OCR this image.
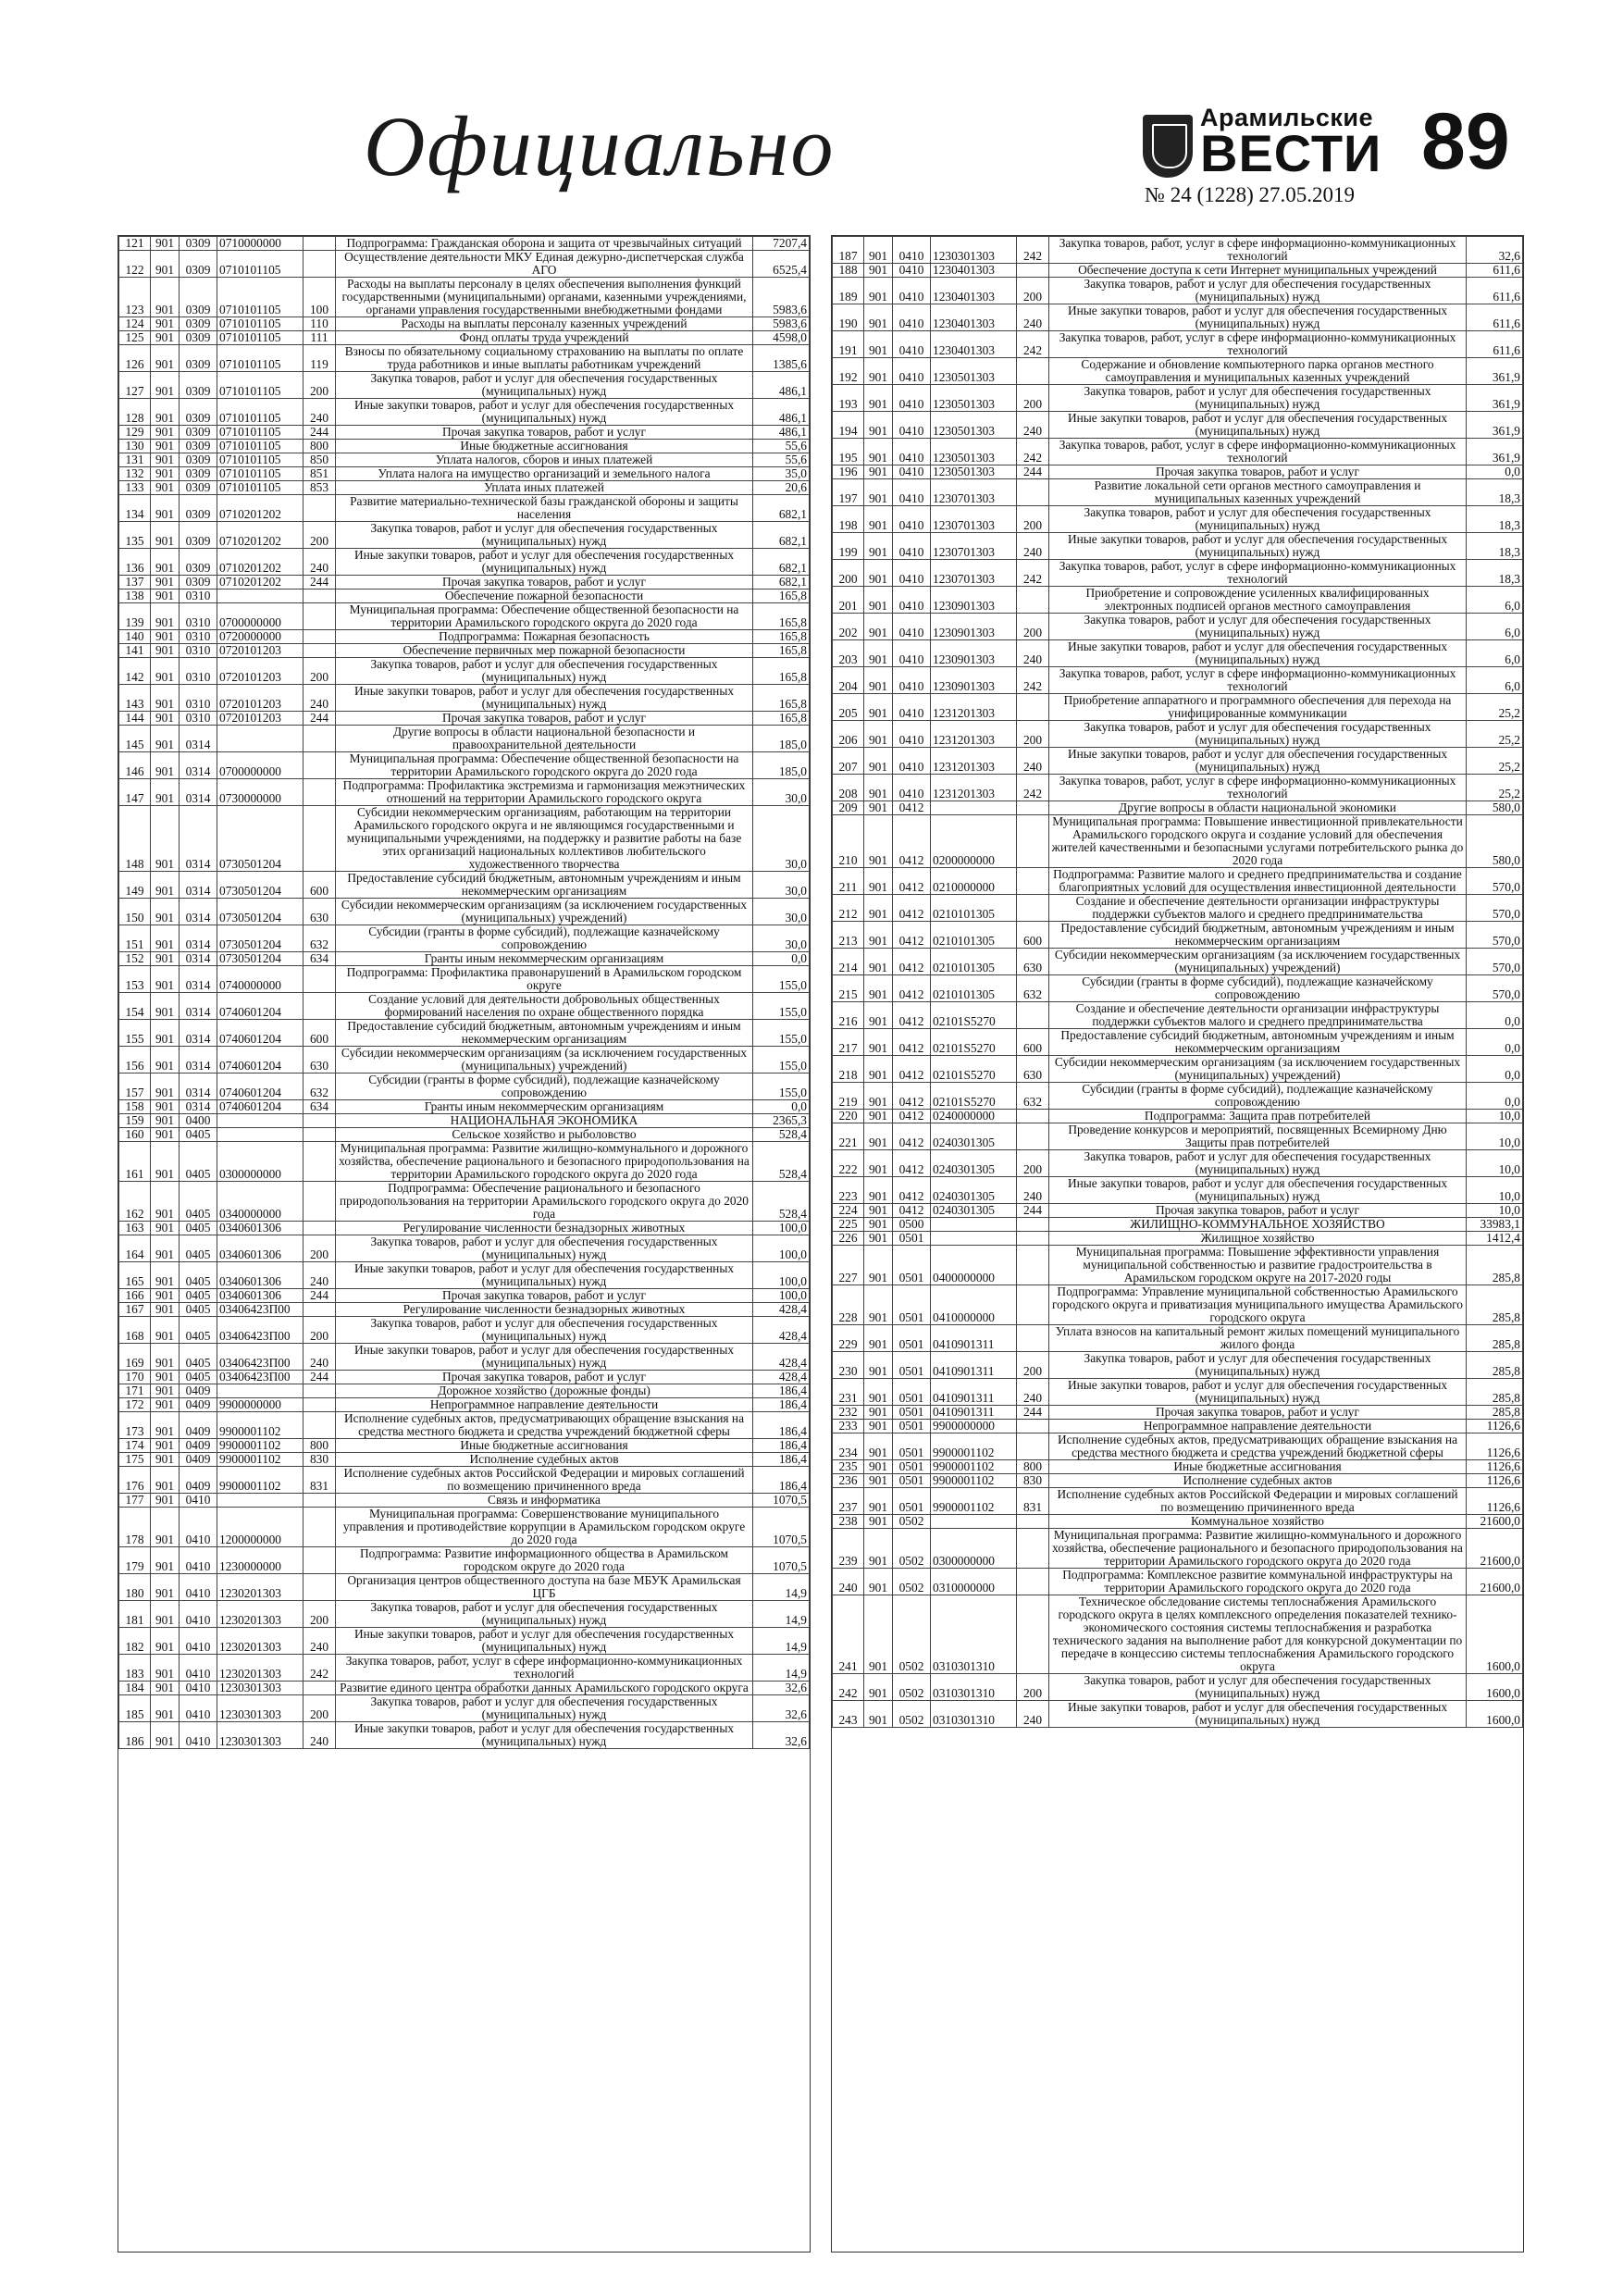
Официально	Арамильские
ВЕСТИ 89
№ 24 (1228) 27.05.2019
121	901	0309	0710000000		Подпрограмма: Гражданская оборона и защита от чрезвычайных ситуаций	7207,4
122	901	0309	0710101105		Осуществление деятельности МКУ Единая дежурно-диспетчерская служба АГО	6525,4
123	901	0309	0710101105	100	Расходы на выплаты персоналу в целях обеспечения выполнения функций государственными (муниципальными) органами, казенными учреждениями, органами управления государственными внебюджетными фондами	5983,6
124	901	0309	0710101105	110	Расходы на выплаты персоналу казенных учреждений	5983,6
125	901	0309	0710101105	111	Фонд оплаты труда учреждений	4598,0
126	901	0309	0710101105	119	Взносы по обязательному социальному страхованию на выплаты по оплате труда работников и иные выплаты работникам учреждений	1385,6
127	901	0309	0710101105	200	Закупка товаров, работ и услуг для обеспечения государственных (муниципальных) нужд	486,1
128	901	0309	0710101105	240	Иные закупки товаров, работ и услуг для обеспечения государственных (муниципальных) нужд	486,1
129	901	0309	0710101105	244	Прочая закупка товаров, работ и услуг	486,1
130	901	0309	0710101105	800	Иные бюджетные ассигнования	55,6
131	901	0309	0710101105	850	Уплата налогов, сборов и иных платежей	55,6
132	901	0309	0710101105	851	Уплата налога на имущество организаций и земельного налога	35,0
133	901	0309	0710101105	853	Уплата иных платежей	20,6
134	901	0309	0710201202		Развитие материально-технической базы гражданской обороны и защиты населения	682,1
135	901	0309	0710201202	200	Закупка товаров, работ и услуг для обеспечения государственных (муниципальных) нужд	682,1
136	901	0309	0710201202	240	Иные закупки товаров, работ и услуг для обеспечения государственных (муниципальных) нужд	682,1
137	901	0309	0710201202	244	Прочая закупка товаров, работ и услуг	682,1
138	901	0310			Обеспечение пожарной безопасности	165,8
139	901	0310	0700000000		Муниципальная программа: Обеспечение общественной безопасности на территории Арамильского городского округа до 2020 года	165,8
140	901	0310	0720000000		Подпрограмма: Пожарная безопасность	165,8
141	901	0310	0720101203		Обеспечение первичных мер пожарной безопасности	165,8
142	901	0310	0720101203	200	Закупка товаров, работ и услуг для обеспечения государственных (муниципальных) нужд	165,8
143	901	0310	0720101203	240	Иные закупки товаров, работ и услуг для обеспечения государственных (муниципальных) нужд	165,8
144	901	0310	0720101203	244	Прочая закупка товаров, работ и услуг	165,8
145	901	0314			Другие вопросы в области национальной безопасности и правоохранительной деятельности	185,0
146	901	0314	0700000000		Муниципальная программа: Обеспечение общественной безопасности на территории Арамильского городского округа до 2020 года	185,0
147	901	0314	0730000000		Подпрограмма: Профилактика экстремизма и гармонизация межэтнических отношений на территории Арамильского городского округа	30,0
148	901	0314	0730501204		Субсидии некоммерческим организациям, работающим на территории Арамильского городского округа и не являющимся государственными и муниципальными учреждениями, на поддержку и развитие работы на базе этих организаций национальных коллективов любительского художественного творчества	30,0
149	901	0314	0730501204	600	Предоставление субсидий бюджетным, автономным учреждениям и иным некоммерческим организациям	30,0
150	901	0314	0730501204	630	Субсидии некоммерческим организациям (за исключением государственных (муниципальных) учреждений)	30,0
151	901	0314	0730501204	632	Субсидии (гранты в форме субсидий), подлежащие казначейскому сопровождению	30,0
152	901	0314	0730501204	634	Гранты иным некоммерческим организациям	0,0
153	901	0314	0740000000		Подпрограмма: Профилактика правонарушений в Арамильском городском округе	155,0
154	901	0314	0740601204		Создание условий для деятельности добровольных общественных формирований населения по охране общественного порядка	155,0
155	901	0314	0740601204	600	Предоставление субсидий бюджетным, автономным учреждениям и иным некоммерческим организациям	155,0
156	901	0314	0740601204	630	Субсидии некоммерческим организациям (за исключением государственных (муниципальных) учреждений)	155,0
157	901	0314	0740601204	632	Субсидии (гранты в форме субсидий), подлежащие казначейскому сопровождению	155,0
158	901	0314	0740601204	634	Гранты иным некоммерческим организациям	0,0
159	901	0400			НАЦИОНАЛЬНАЯ ЭКОНОМИКА	2365,3
160	901	0405			Сельское хозяйство и рыболовство	528,4
161	901	0405	0300000000		Муниципальная программа: Развитие жилищно-коммунального и дорожного хозяйства, обеспечение рационального и безопасного природопользования на территории Арамильского городского округа до 2020 года	528,4
162	901	0405	0340000000		Подпрограмма: Обеспечение рационального и безопасного природопользования на территории Арамильского городского округа до 2020 года	528,4
163	901	0405	0340601306		Регулирование численности безнадзорных животных	100,0
164	901	0405	0340601306	200	Закупка товаров, работ и услуг для обеспечения государственных (муниципальных) нужд	100,0
165	901	0405	0340601306	240	Иные закупки товаров, работ и услуг для обеспечения государственных (муниципальных) нужд	100,0
166	901	0405	0340601306	244	Прочая закупка товаров, работ и услуг	100,0
167	901	0405	03406423П00		Регулирование численности безнадзорных животных	428,4
168	901	0405	03406423П00	200	Закупка товаров, работ и услуг для обеспечения государственных (муниципальных) нужд	428,4
169	901	0405	03406423П00	240	Иные закупки товаров, работ и услуг для обеспечения государственных (муниципальных) нужд	428,4
170	901	0405	03406423П00	244	Прочая закупка товаров, работ и услуг	428,4
171	901	0409			Дорожное хозяйство (дорожные фонды)	186,4
172	901	0409	9900000000		Непрограммное направление деятельности	186,4
173	901	0409	9900001102		Исполнение судебных актов, предусматривающих обращение взыскания на средства местного бюджета и средства учреждений бюджетной сферы	186,4
174	901	0409	9900001102	800	Иные бюджетные ассигнования	186,4
175	901	0409	9900001102	830	Исполнение судебных актов	186,4
176	901	0409	9900001102	831	Исполнение судебных актов Российской Федерации и мировых соглашений по возмещению причиненного вреда	186,4
177	901	0410			Связь и информатика	1070,5
178	901	0410	1200000000		Муниципальная программа: Совершенствование муниципального управления и противодействие коррупции в Арамильском городском округе до 2020 года	1070,5
179	901	0410	1230000000		Подпрограмма: Развитие информационного общества в Арамильском городском округе до 2020 года	1070,5
180	901	0410	1230201303		Организация центров общественного доступа на базе МБУК Арамильская ЦГБ	14,9
181	901	0410	1230201303	200	Закупка товаров, работ и услуг для обеспечения государственных (муниципальных) нужд	14,9
182	901	0410	1230201303	240	Иные закупки товаров, работ и услуг для обеспечения государственных (муниципальных) нужд	14,9
183	901	0410	1230201303	242	Закупка товаров, работ, услуг в сфере информационно-коммуникационных технологий	14,9
184	901	0410	1230301303		Развитие единого центра обработки данных Арамильского городского округа	32,6
185	901	0410	1230301303	200	Закупка товаров, работ и услуг для обеспечения государственных (муниципальных) нужд	32,6
186	901	0410	1230301303	240	Иные закупки товаров, работ и услуг для обеспечения государственных (муниципальных) нужд	32,6
187	901	0410	1230301303	242	Закупка товаров, работ, услуг в сфере информационно-коммуникационных технологий	32,6
188	901	0410	1230401303		Обеспечение доступа к сети Интернет муниципальных учреждений	611,6
189	901	0410	1230401303	200	Закупка товаров, работ и услуг для обеспечения государственных (муниципальных) нужд	611,6
190	901	0410	1230401303	240	Иные закупки товаров, работ и услуг для обеспечения государственных (муниципальных) нужд	611,6
191	901	0410	1230401303	242	Закупка товаров, работ, услуг в сфере информационно-коммуникационных технологий	611,6
192	901	0410	1230501303		Содержание и обновление компьютерного парка органов местного самоуправления и муниципальных казенных учреждений	361,9
193	901	0410	1230501303	200	Закупка товаров, работ и услуг для обеспечения государственных (муниципальных) нужд	361,9
194	901	0410	1230501303	240	Иные закупки товаров, работ и услуг для обеспечения государственных (муниципальных) нужд	361,9
195	901	0410	1230501303	242	Закупка товаров, работ, услуг в сфере информационно-коммуникационных технологий	361,9
196	901	0410	1230501303	244	Прочая закупка товаров, работ и услуг	0,0
197	901	0410	1230701303		Развитие локальной сети органов местного самоуправления и муниципальных казенных учреждений	18,3
198	901	0410	1230701303	200	Закупка товаров, работ и услуг для обеспечения государственных (муниципальных) нужд	18,3
199	901	0410	1230701303	240	Иные закупки товаров, работ и услуг для обеспечения государственных (муниципальных) нужд	18,3
200	901	0410	1230701303	242	Закупка товаров, работ, услуг в сфере информационно-коммуникационных технологий	18,3
201	901	0410	1230901303		Приобретение и сопровождение усиленных квалифицированных электронных подписей органов местного самоуправления	6,0
202	901	0410	1230901303	200	Закупка товаров, работ и услуг для обеспечения государственных (муниципальных) нужд	6,0
203	901	0410	1230901303	240	Иные закупки товаров, работ и услуг для обеспечения государственных (муниципальных) нужд	6,0
204	901	0410	1230901303	242	Закупка товаров, работ, услуг в сфере информационно-коммуникационных технологий	6,0
205	901	0410	1231201303		Приобретение аппаратного и программного обеспечения для перехода на унифицированные коммуникации	25,2
206	901	0410	1231201303	200	Закупка товаров, работ и услуг для обеспечения государственных (муниципальных) нужд	25,2
207	901	0410	1231201303	240	Иные закупки товаров, работ и услуг для обеспечения государственных (муниципальных) нужд	25,2
208	901	0410	1231201303	242	Закупка товаров, работ, услуг в сфере информационно-коммуникационных технологий	25,2
209	901	0412			Другие вопросы в области национальной экономики	580,0
210	901	0412	0200000000		Муниципальная программа: Повышение инвестиционной привлекательности Арамильского городского округа и создание условий для обеспечения жителей качественными и безопасными услугами потребительского рынка до 2020 года	580,0
211	901	0412	0210000000		Подпрограмма: Развитие малого и среднего предпринимательства и создание благоприятных условий для осуществления инвестиционной деятельности	570,0
212	901	0412	0210101305		Создание и обеспечение деятельности организации инфраструктуры поддержки субъектов малого и среднего предпринимательства	570,0
213	901	0412	0210101305	600	Предоставление субсидий бюджетным, автономным учреждениям и иным некоммерческим организациям	570,0
214	901	0412	0210101305	630	Субсидии некоммерческим организациям (за исключением государственных (муниципальных) учреждений)	570,0
215	901	0412	0210101305	632	Субсидии (гранты в форме субсидий), подлежащие казначейскому сопровождению	570,0
216	901	0412	02101S5270		Создание и обеспечение деятельности организации инфраструктуры поддержки субъектов малого и среднего предпринимательства	0,0
217	901	0412	02101S5270	600	Предоставление субсидий бюджетным, автономным учреждениям и иным некоммерческим организациям	0,0
218	901	0412	02101S5270	630	Субсидии некоммерческим организациям (за исключением государственных (муниципальных) учреждений)	0,0
219	901	0412	02101S5270	632	Субсидии (гранты в форме субсидий), подлежащие казначейскому сопровождению	0,0
220	901	0412	0240000000		Подпрограмма: Защита прав потребителей	10,0
221	901	0412	0240301305		Проведение конкурсов и мероприятий, посвященных Всемирному Дню Защиты прав потребителей	10,0
222	901	0412	0240301305	200	Закупка товаров, работ и услуг для обеспечения государственных (муниципальных) нужд	10,0
223	901	0412	0240301305	240	Иные закупки товаров, работ и услуг для обеспечения государственных (муниципальных) нужд	10,0
224	901	0412	0240301305	244	Прочая закупка товаров, работ и услуг	10,0
225	901	0500			ЖИЛИЩНО-КОММУНАЛЬНОЕ ХОЗЯЙСТВО	33983,1
226	901	0501			Жилищное хозяйство	1412,4
227	901	0501	0400000000		Муниципальная программа: Повышение эффективности управления муниципальной собственностью и развитие градостроительства в Арамильском городском округе на 2017-2020 годы	285,8
228	901	0501	0410000000		Подпрограмма: Управление муниципальной собственностью Арамильского городского округа и приватизация муниципального имущества Арамильского городского округа	285,8
229	901	0501	0410901311		Уплата взносов на капитальный ремонт жилых помещений муниципального жилого фонда	285,8
230	901	0501	0410901311	200	Закупка товаров, работ и услуг для обеспечения государственных (муниципальных) нужд	285,8
231	901	0501	0410901311	240	Иные закупки товаров, работ и услуг для обеспечения государственных (муниципальных) нужд	285,8
232	901	0501	0410901311	244	Прочая закупка товаров, работ и услуг	285,8
233	901	0501	9900000000		Непрограммное направление деятельности	1126,6
234	901	0501	9900001102		Исполнение судебных актов, предусматривающих обращение взыскания на средства местного бюджета и средства учреждений бюджетной сферы	1126,6
235	901	0501	9900001102	800	Иные бюджетные ассигнования	1126,6
236	901	0501	9900001102	830	Исполнение судебных актов	1126,6
237	901	0501	9900001102	831	Исполнение судебных актов Российской Федерации и мировых соглашений по возмещению причиненного вреда	1126,6
238	901	0502			Коммунальное хозяйство	21600,0
239	901	0502	0300000000		Муниципальная программа: Развитие жилищно-коммунального и дорожного хозяйства, обеспечение рационального и безопасного природопользования на территории Арамильского городского округа до 2020 года	21600,0
240	901	0502	0310000000		Подпрограмма: Комплексное развитие коммунальной инфраструктуры на территории Арамильского городского округа до 2020 года	21600,0
241	901	0502	0310301310		Техническое обследование системы теплоснабжения Арамильского городского округа в целях комплексного определения показателей технико-экономического состояния системы теплоснабжения и разработка технического задания на выполнение работ для конкурсной документации по передаче в концессию системы теплоснабжения Арамильского городского округа	1600,0
242	901	0502	0310301310	200	Закупка товаров, работ и услуг для обеспечения государственных (муниципальных) нужд	1600,0
243	901	0502	0310301310	240	Иные закупки товаров, работ и услуг для обеспечения государственных (муниципальных) нужд	1600,0
